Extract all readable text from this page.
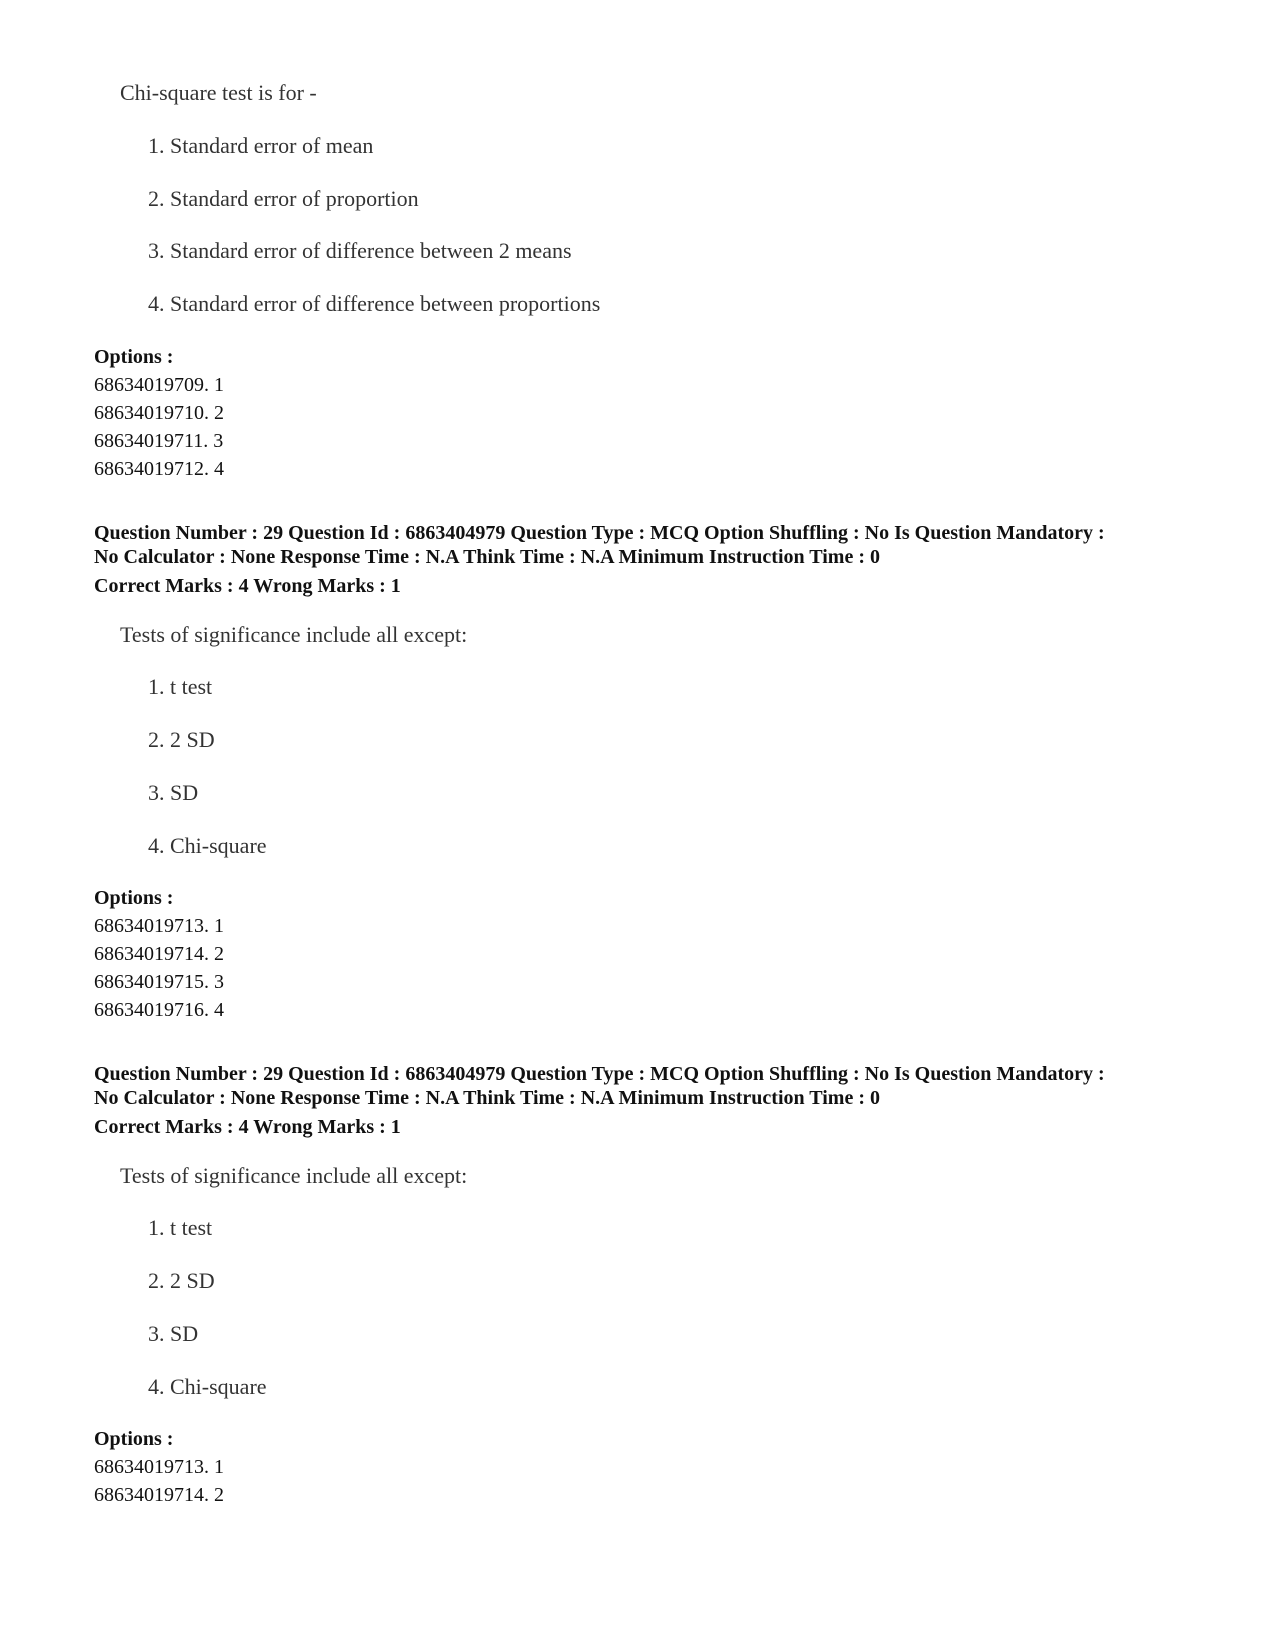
Chi-square test is for -
1. Standard error of mean
2. Standard error of proportion
3. Standard error of difference between 2 means
4. Standard error of difference between proportions
Options :
68634019709. 1
68634019710. 2
68634019711. 3
68634019712. 4
Question Number : 29 Question Id : 6863404979 Question Type : MCQ Option Shuffling : No Is Question Mandatory :
No Calculator : None Response Time : N.A Think Time : N.A Minimum Instruction Time : 0
Correct Marks : 4 Wrong Marks : 1
Tests of significance include all except:
1. t test
2. 2 SD
3. SD
4. Chi-square
Options :
68634019713. 1
68634019714. 2
68634019715. 3
68634019716. 4
Question Number : 29 Question Id : 6863404979 Question Type : MCQ Option Shuffling : No Is Question Mandatory :
No Calculator : None Response Time : N.A Think Time : N.A Minimum Instruction Time : 0
Correct Marks : 4 Wrong Marks : 1
Tests of significance include all except:
1. t test
2. 2 SD
3. SD
4. Chi-square
Options :
68634019713. 1
68634019714. 2
